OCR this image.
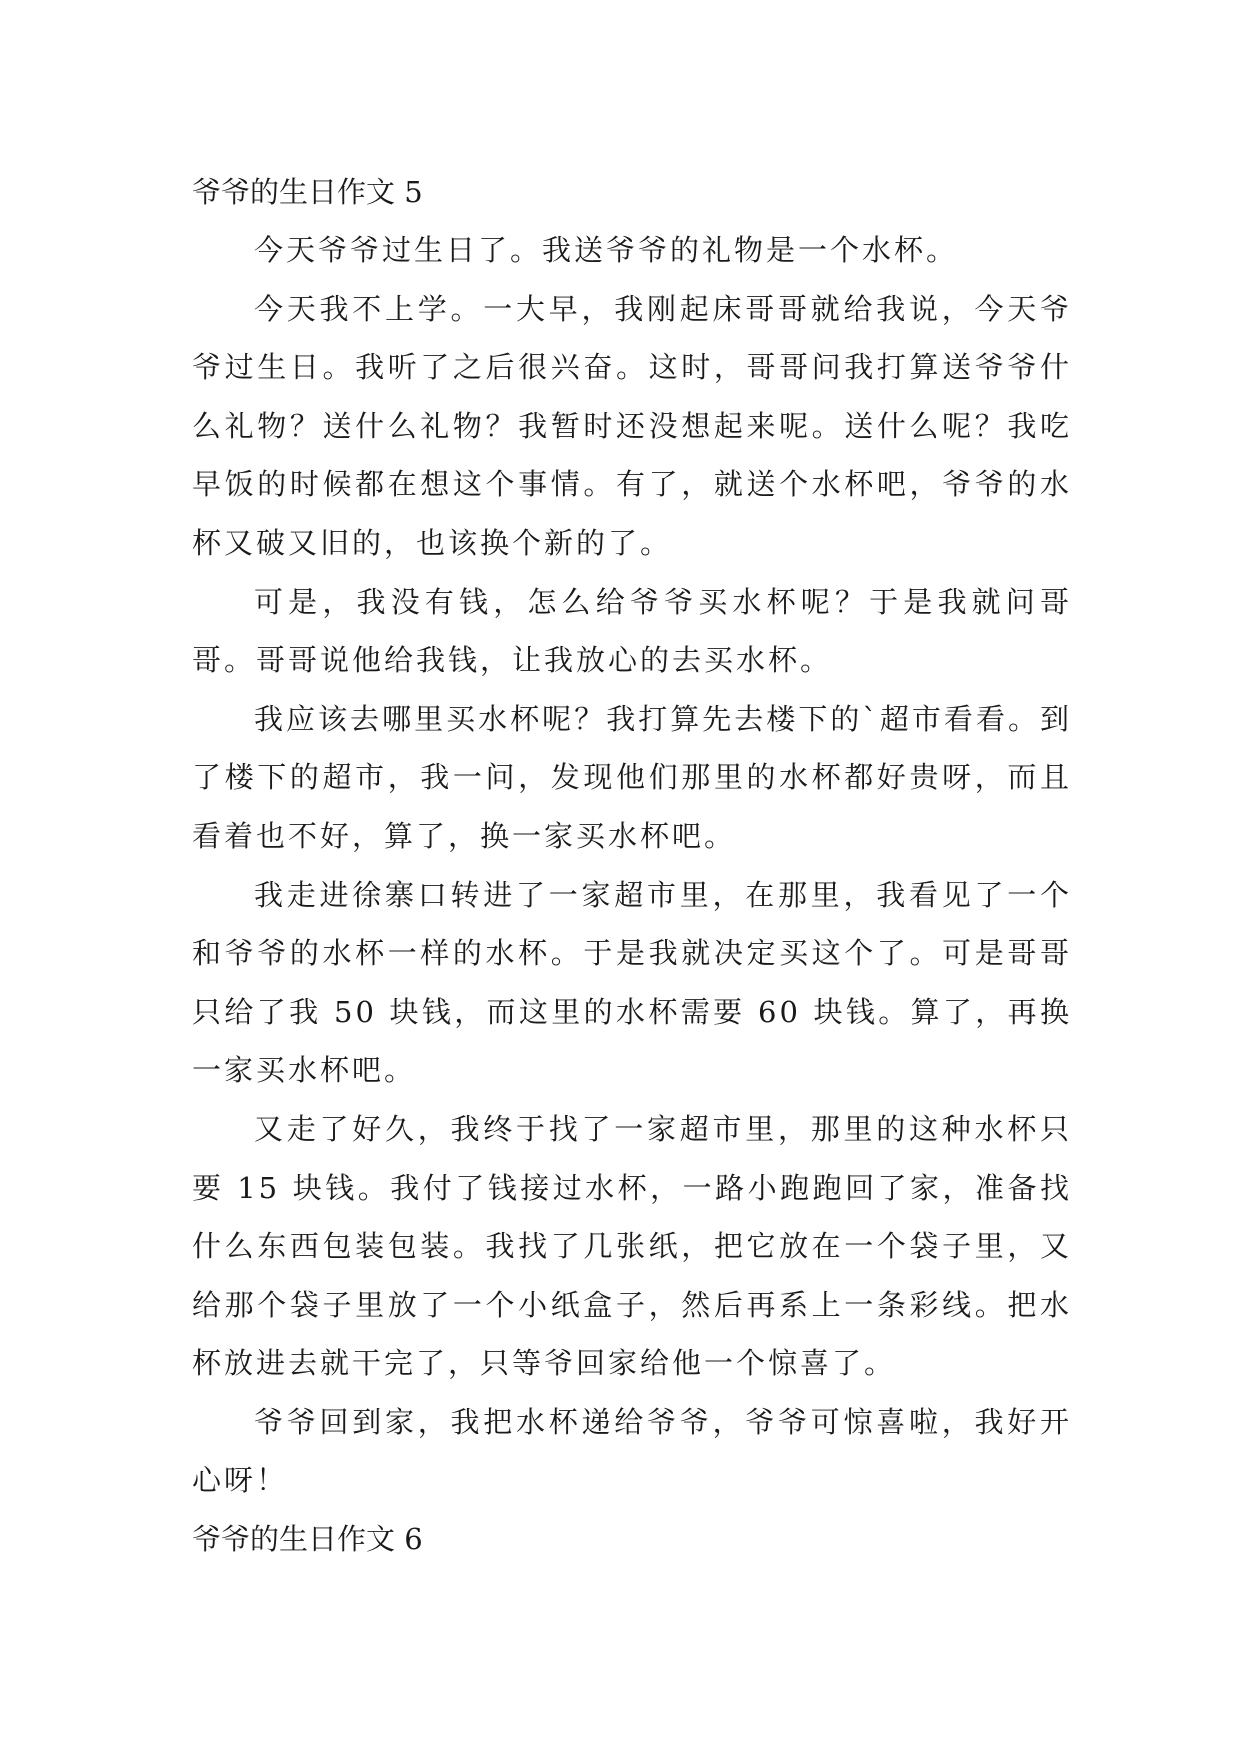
爷爷的生日作文 5

今天爷爷过生日了。我送爷爷的礼物是一个水杯。

今天我不上学。一大早，我刚起床哥哥就给我说，今天爷爷过生日。我听了之后很兴奋。这时，哥哥问我打算送爷爷什么礼物？送什么礼物？我暂时还没想起来呢。送什么呢？我吃早饭的时候都在想这个事情。有了，就送个水杯吧，爷爷的水杯又破又旧的，也该换个新的了。

可是，我没有钱，怎么给爷爷买水杯呢？于是我就问哥哥。哥哥说他给我钱，让我放心的去买水杯。

我应该去哪里买水杯呢？我打算先去楼下的`超市看看。到了楼下的超市，我一问，发现他们那里的水杯都好贵呀，而且看着也不好，算了，换一家买水杯吧。

我走进徐寨口转进了一家超市里，在那里，我看见了一个和爷爷的水杯一样的水杯。于是我就决定买这个了。可是哥哥只给了我 50 块钱，而这里的水杯需要 60 块钱。算了，再换一家买水杯吧。

又走了好久，我终于找了一家超市里，那里的这种水杯只要 15 块钱。我付了钱接过水杯，一路小跑跑回了家，准备找什么东西包装包装。我找了几张纸，把它放在一个袋子里，又给那个袋子里放了一个小纸盒子，然后再系上一条彩线。把水杯放进去就干完了，只等爷回家给他一个惊喜了。

爷爷回到家，我把水杯递给爷爷，爷爷可惊喜啦，我好开心呀！

爷爷的生日作文 6
